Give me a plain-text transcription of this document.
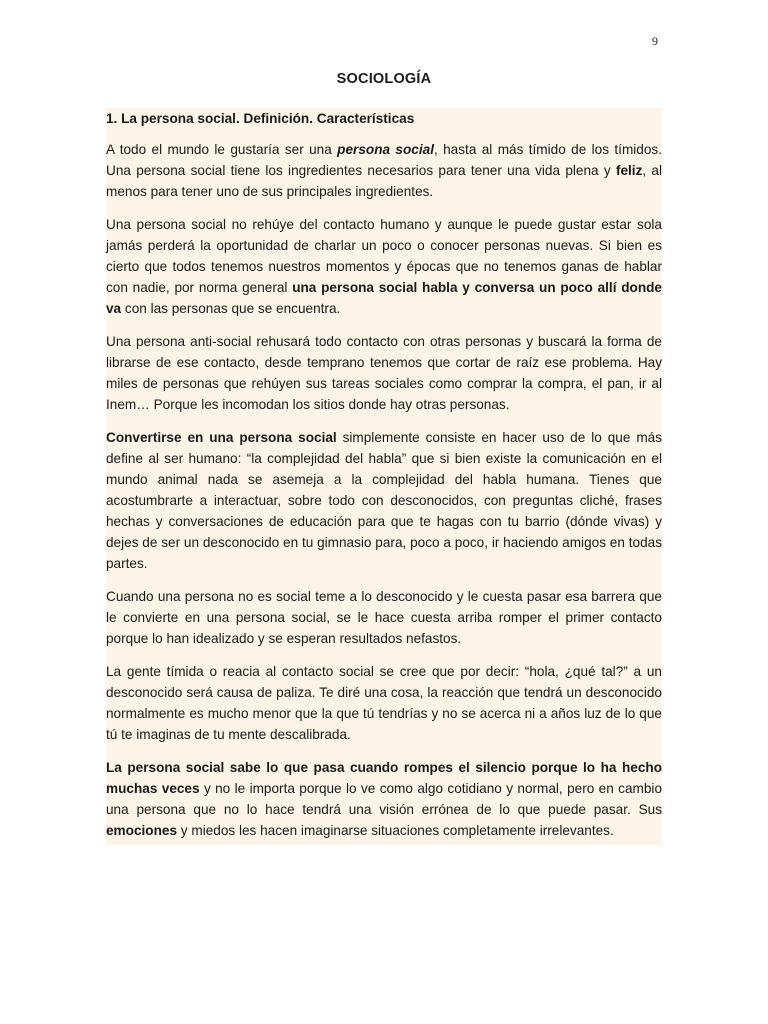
9
SOCIOLOGÍA
1. La persona social. Definición. Características

A todo el mundo le gustaría ser una persona social, hasta al más tímido de los tímidos. Una persona social tiene los ingredientes necesarios para tener una vida plena y feliz, al menos para tener uno de sus principales ingredientes.

Una persona social no rehúye del contacto humano y aunque le puede gustar estar sola jamás perderá la oportunidad de charlar un poco o conocer personas nuevas. Si bien es cierto que todos tenemos nuestros momentos y épocas que no tenemos ganas de hablar con nadie, por norma general una persona social habla y conversa un poco allí donde va con las personas que se encuentra.

Una persona anti-social rehusará todo contacto con otras personas y buscará la forma de librarse de ese contacto, desde temprano tenemos que cortar de raíz ese problema. Hay miles de personas que rehúyen sus tareas sociales como comprar la compra, el pan, ir al Inem… Porque les incomodan los sitios donde hay otras personas.

Convertirse en una persona social simplemente consiste en hacer uso de lo que más define al ser humano: “la complejidad del habla” que si bien existe la comunicación en el mundo animal nada se asemeja a la complejidad del habla humana. Tienes que acostumbrarte a interactuar, sobre todo con desconocidos, con preguntas cliché, frases hechas y conversaciones de educación para que te hagas con tu barrio (dónde vivas) y dejes de ser un desconocido en tu gimnasio para, poco a poco, ir haciendo amigos en todas partes.

Cuando una persona no es social teme a lo desconocido y le cuesta pasar esa barrera que le convierte en una persona social, se le hace cuesta arriba romper el primer contacto porque lo han idealizado y se esperan resultados nefastos.

La gente tímida o reacia al contacto social se cree que por decir: “hola, ¿qué tal?” a un desconocido será causa de paliza. Te diré una cosa, la reacción que tendrá un desconocido normalmente es mucho menor que la que tú tendrías y no se acerca ni a años luz de lo que tú te imaginas de tu mente descalibrada.

La persona social sabe lo que pasa cuando rompes el silencio porque lo ha hecho muchas veces y no le importa porque lo ve como algo cotidiano y normal, pero en cambio una persona que no lo hace tendrá una visión errónea de lo que puede pasar. Sus emociones y miedos les hacen imaginarse situaciones completamente irrelevantes.
